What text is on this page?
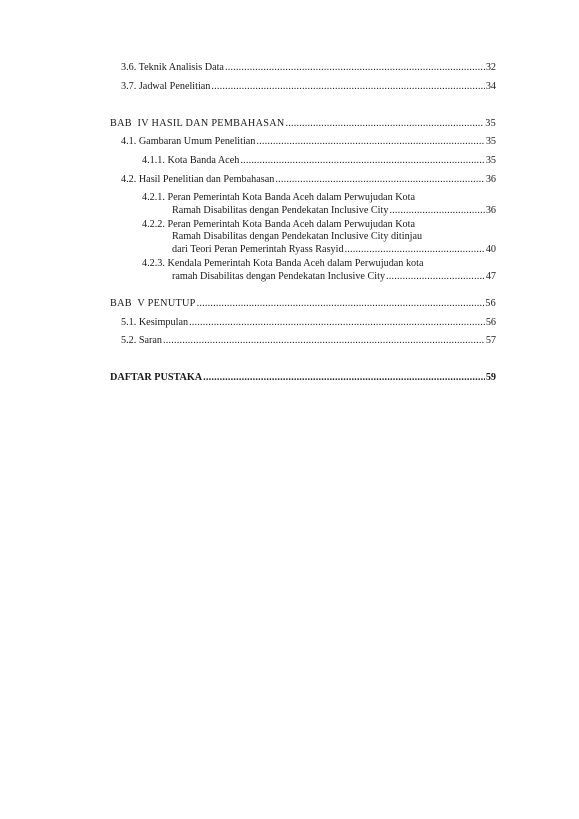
3.6. Teknik Analisis Data .....	32
3.7. Jadwal Penelitian .....	34
BAB  IV HASIL DAN PEMBAHASAN .....	35
4.1. Gambaran Umum Penelitian .....	35
4.1.1. Kota Banda Aceh .....	35
4.2. Hasil Penelitian dan Pembahasan .....	36
4.2.1. Peran Pemerintah Kota Banda Aceh dalam Perwujudan Kota
Ramah Disabilitas dengan Pendekatan Inclusive City .....	36
4.2.2. Peran Pemerintah Kota Banda Aceh dalam Perwujudan Kota
Ramah Disabilitas dengan Pendekatan Inclusive City ditinjau
dari Teori Peran Pemerintah Ryass Rasyid .....	40
4.2.3. Kendala Pemerintah Kota Banda Aceh dalam Perwujudan kota
ramah Disabilitas dengan Pendekatan Inclusive City .....	47
BAB  V PENUTUP .....	56
5.1. Kesimpulan .....	56
5.2. Saran .....	57
DAFTAR PUSTAKA .....	59
